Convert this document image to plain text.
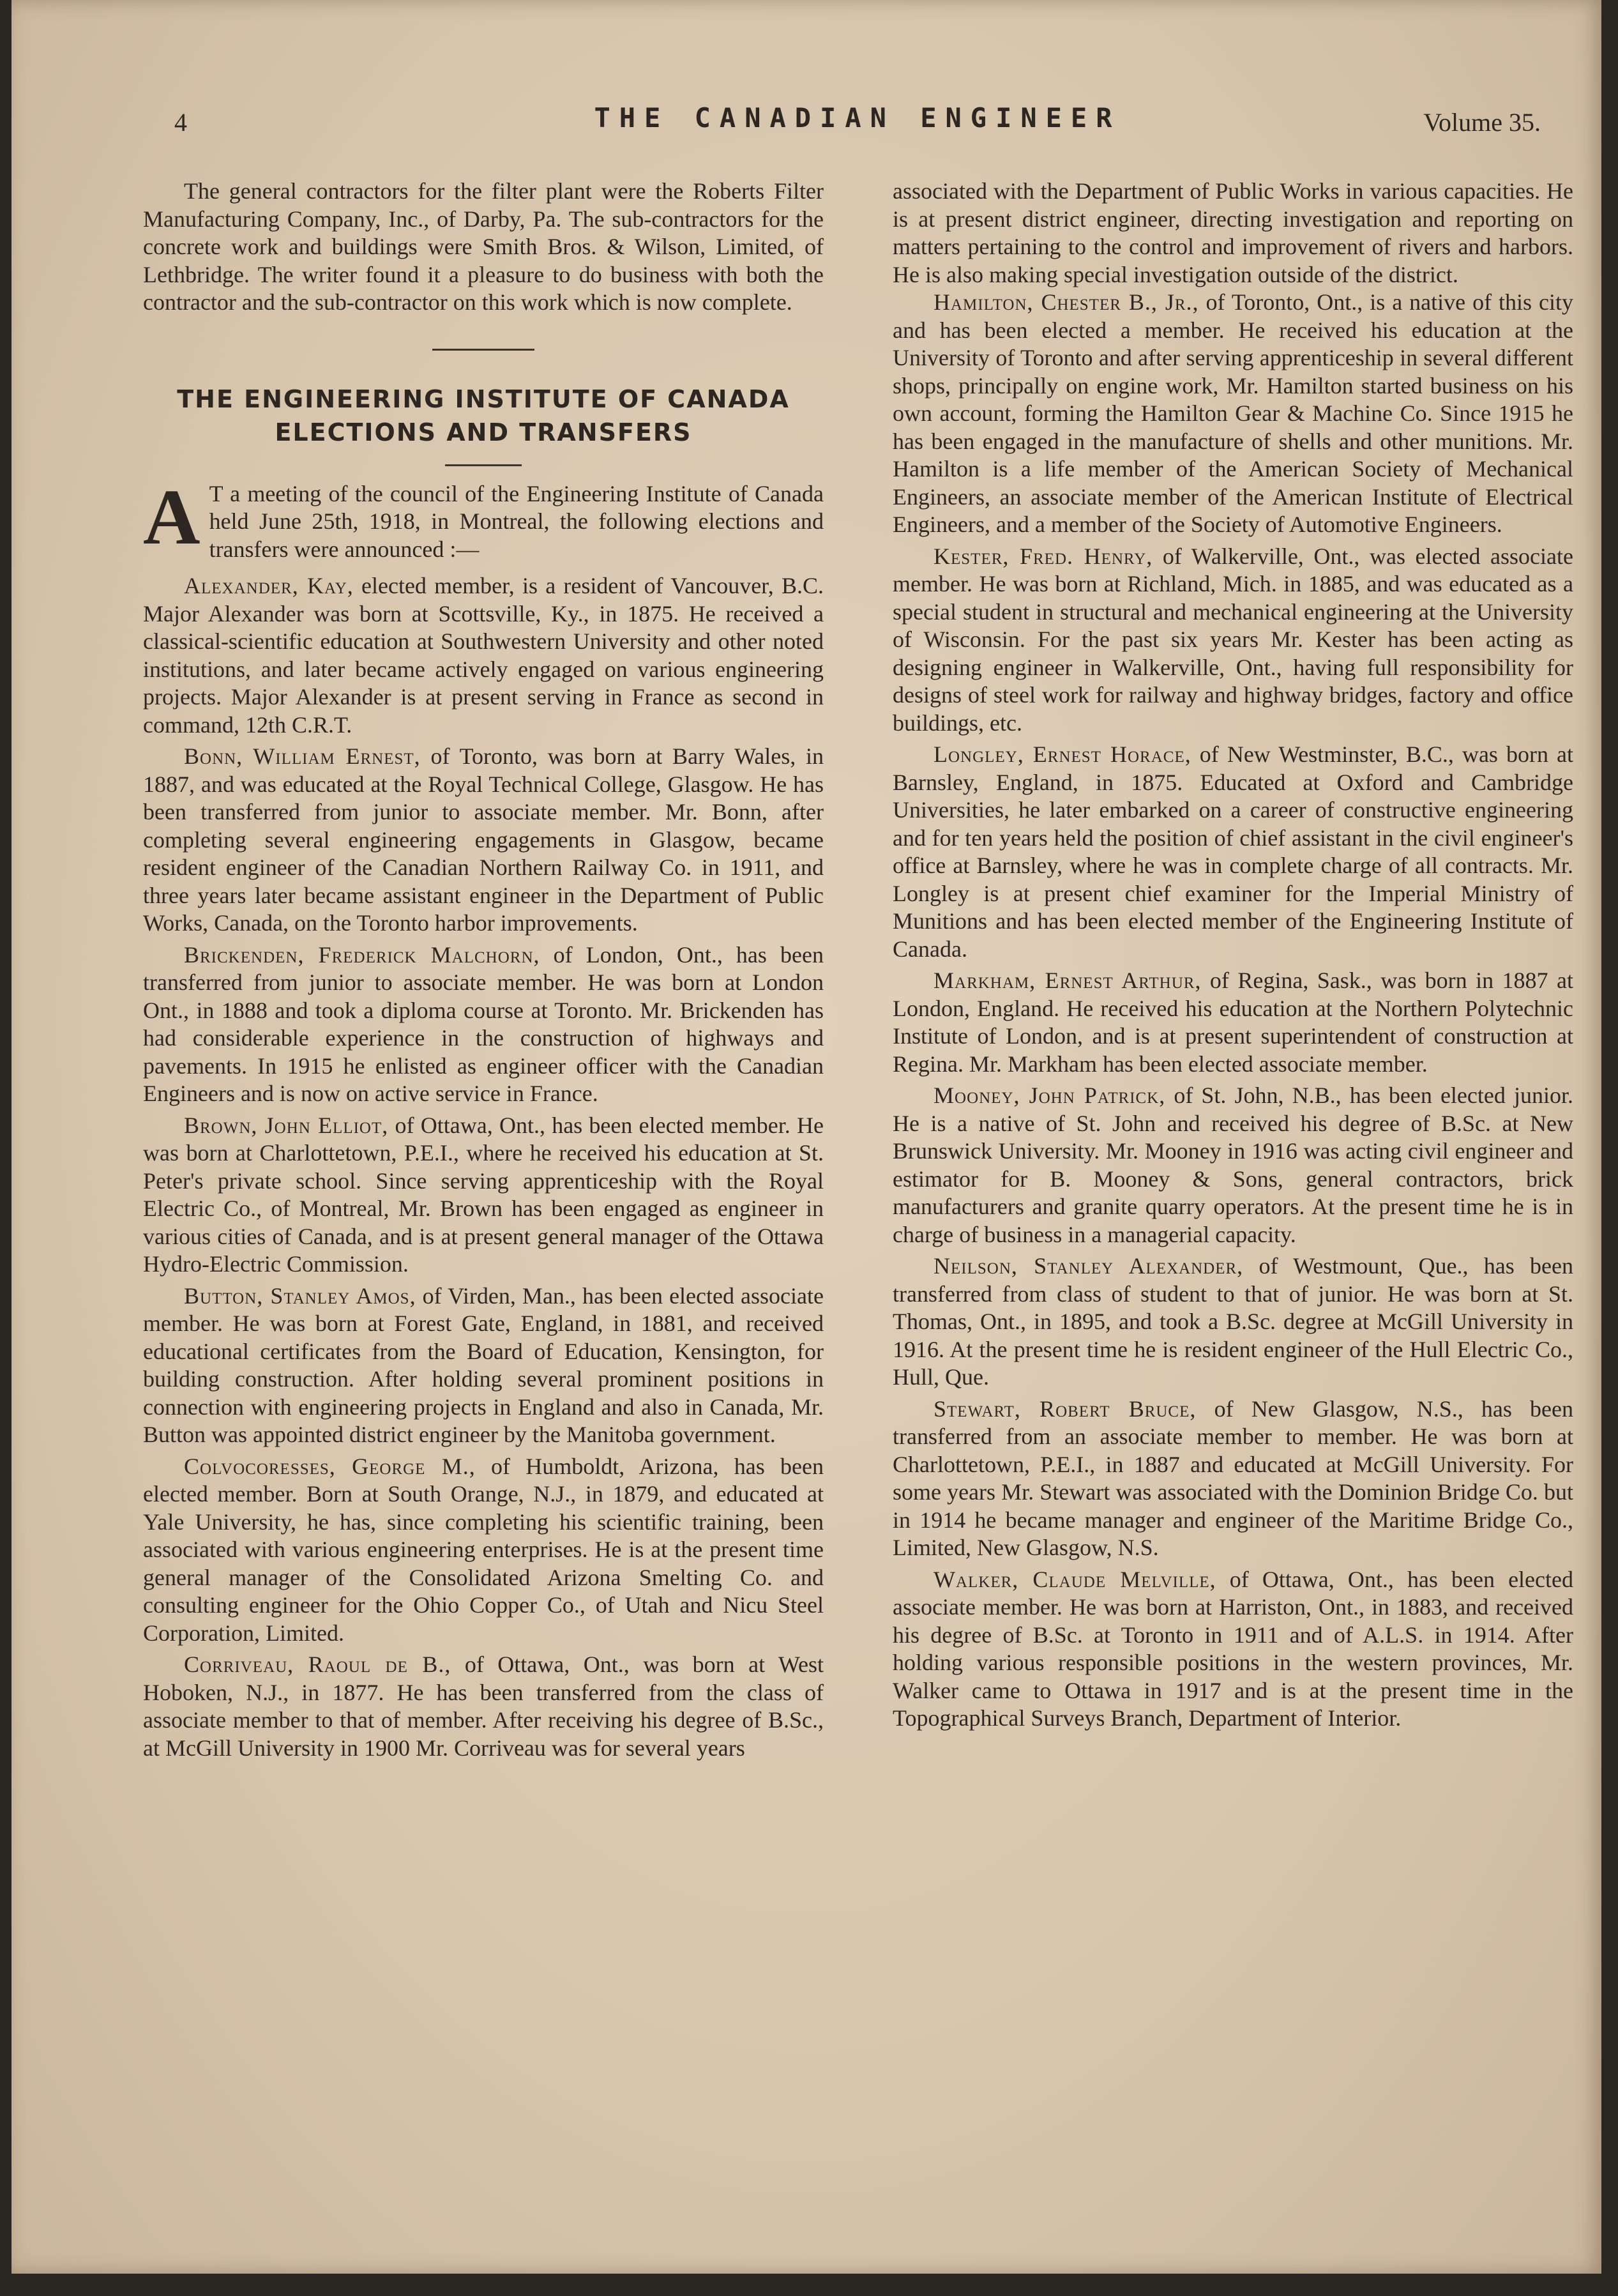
4	THE CANADIAN ENGINEER	Volume 35.

The general contractors for the filter plant were the Roberts Filter Manufacturing Company, Inc., of Darby, Pa. The sub-contractors for the concrete work and buildings were Smith Bros. & Wilson, Limited, of Lethbridge. The writer found it a pleasure to do business with both the contractor and the sub-contractor on this work which is now complete.

THE ENGINEERING INSTITUTE OF CANADA
ELECTIONS AND TRANSFERS

A T a meeting of the council of the Engineering Institute of Canada held June 25th, 1918, in Montreal, the following elections and transfers were announced :—

Alexander, Kay, elected member, is a resident of Vancouver, B.C. Major Alexander was born at Scottsville, Ky., in 1875. He received a classical-scientific education at Southwestern University and other noted institutions, and later became actively engaged on various engineering projects. Major Alexander is at present serving in France as second in command, 12th C.R.T.

Bonn, William Ernest, of Toronto, was born at Barry Wales, in 1887, and was educated at the Royal Technical College, Glasgow. He has been transferred from junior to associate member. Mr. Bonn, after completing several engineering engagements in Glasgow, became resident engineer of the Canadian Northern Railway Co. in 1911, and three years later became assistant engineer in the Department of Public Works, Canada, on the Toronto harbor improvements.

Brickenden, Frederick Malchorn, of London, Ont., has been transferred from junior to associate member. He was born at London Ont., in 1888 and took a diploma course at Toronto. Mr. Brickenden has had considerable experience in the construction of highways and pavements. In 1915 he enlisted as engineer officer with the Canadian Engineers and is now on active service in France.

Brown, John Elliot, of Ottawa, Ont., has been elected member. He was born at Charlottetown, P.E.I., where he received his education at St. Peter's private school. Since serving apprenticeship with the Royal Electric Co., of Montreal, Mr. Brown has been engaged as engineer in various cities of Canada, and is at present general manager of the Ottawa Hydro-Electric Commission.

Button, Stanley Amos, of Virden, Man., has been elected associate member. He was born at Forest Gate, England, in 1881, and received educational certificates from the Board of Education, Kensington, for building construction. After holding several prominent positions in connection with engineering projects in England and also in Canada, Mr. Button was appointed district engineer by the Manitoba government.

Colvocoresses, George M., of Humboldt, Arizona, has been elected member. Born at South Orange, N.J., in 1879, and educated at Yale University, he has, since completing his scientific training, been associated with various engineering enterprises. He is at the present time general manager of the Consolidated Arizona Smelting Co. and consulting engineer for the Ohio Copper Co., of Utah and Nicu Steel Corporation, Limited.

Corriveau, Raoul de B., of Ottawa, Ont., was born at West Hoboken, N.J., in 1877. He has been transferred from the class of associate member to that of member. After receiving his degree of B.Sc., at McGill University in 1900 Mr. Corriveau was for several years

associated with the Department of Public Works in various capacities. He is at present district engineer, directing investigation and reporting on matters pertaining to the control and improvement of rivers and harbors. He is also making special investigation outside of the district.

Hamilton, Chester B., Jr., of Toronto, Ont., is a native of this city and has been elected a member. He received his education at the University of Toronto and after serving apprenticeship in several different shops, principally on engine work, Mr. Hamilton started business on his own account, forming the Hamilton Gear & Machine Co. Since 1915 he has been engaged in the manufacture of shells and other munitions. Mr. Hamilton is a life member of the American Society of Mechanical Engineers, an associate member of the American Institute of Electrical Engineers, and a member of the Society of Automotive Engineers.

Kester, Fred. Henry, of Walkerville, Ont., was elected associate member. He was born at Richland, Mich. in 1885, and was educated as a special student in structural and mechanical engineering at the University of Wisconsin. For the past six years Mr. Kester has been acting as designing engineer in Walkerville, Ont., having full responsibility for designs of steel work for railway and highway bridges, factory and office buildings, etc.

Longley, Ernest Horace, of New Westminster, B.C., was born at Barnsley, England, in 1875. Educated at Oxford and Cambridge Universities, he later embarked on a career of constructive engineering and for ten years held the position of chief assistant in the civil engineer's office at Barnsley, where he was in complete charge of all contracts. Mr. Longley is at present chief examiner for the Imperial Ministry of Munitions and has been elected member of the Engineering Institute of Canada.

Markham, Ernest Arthur, of Regina, Sask., was born in 1887 at London, England. He received his education at the Northern Polytechnic Institute of London, and is at present superintendent of construction at Regina. Mr. Markham has been elected associate member.

Mooney, John Patrick, of St. John, N.B., has been elected junior. He is a native of St. John and received his degree of B.Sc. at New Brunswick University. Mr. Mooney in 1916 was acting civil engineer and estimator for B. Mooney & Sons, general contractors, brick manufacturers and granite quarry operators. At the present time he is in charge of business in a managerial capacity.

Neilson, Stanley Alexander, of Westmount, Que., has been transferred from class of student to that of junior. He was born at St. Thomas, Ont., in 1895, and took a B.Sc. degree at McGill University in 1916. At the present time he is resident engineer of the Hull Electric Co., Hull, Que.

Stewart, Robert Bruce, of New Glasgow, N.S., has been transferred from an associate member to member. He was born at Charlottetown, P.E.I., in 1887 and educated at McGill University. For some years Mr. Stewart was associated with the Dominion Bridge Co. but in 1914 he became manager and engineer of the Maritime Bridge Co., Limited, New Glasgow, N.S.

Walker, Claude Melville, of Ottawa, Ont., has been elected associate member. He was born at Harriston, Ont., in 1883, and received his degree of B.Sc. at Toronto in 1911 and of A.L.S. in 1914. After holding various responsible positions in the western provinces, Mr. Walker came to Ottawa in 1917 and is at the present time in the Topographical Surveys Branch, Department of Interior.
